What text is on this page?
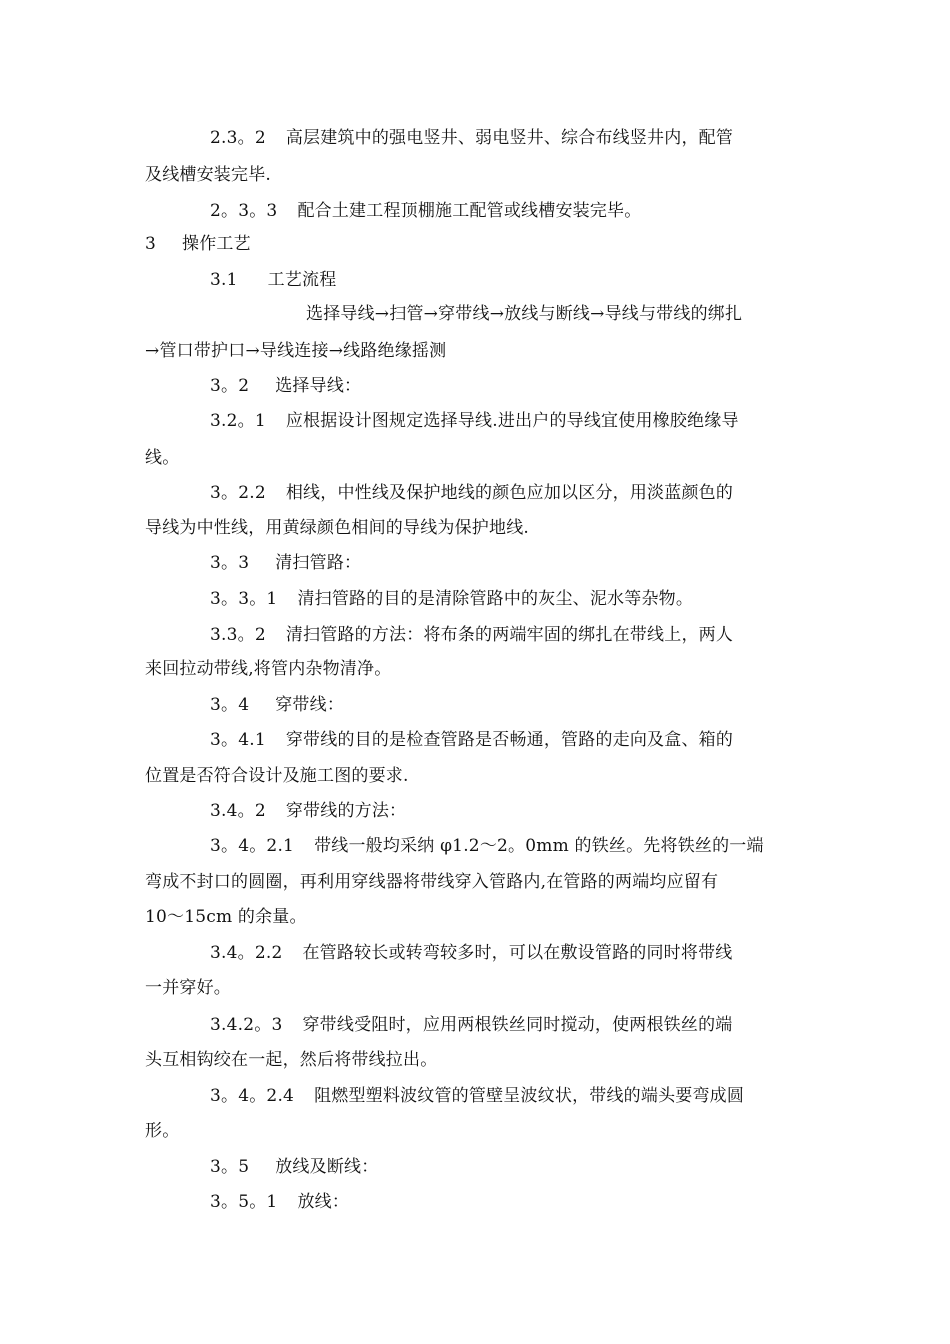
2.3。2 高层建筑中的强电竖井、弱电竖井、综合布线竖井内，配管

及线槽安装完毕.

2。3。3 配合土建工程顶棚施工配管或线槽安装完毕。

3 操作工艺

3.1 工艺流程

选择导线→扫管→穿带线→放线与断线→导线与带线的绑扎

→管口带护口→导线连接→线路绝缘摇测

3。2 选择导线：

3.2。1 应根据设计图规定选择导线.进出户的导线宜使用橡胶绝缘导

线。

3。2.2 相线，中性线及保护地线的颜色应加以区分，用淡蓝颜色的

导线为中性线，用黄绿颜色相间的导线为保护地线.

3。3 清扫管路：

3。3。1 清扫管路的目的是清除管路中的灰尘、泥水等杂物。

3.3。2 清扫管路的方法：将布条的两端牢固的绑扎在带线上，两人

来回拉动带线,将管内杂物清净。

3。4 穿带线：

3。4.1 穿带线的目的是检查管路是否畅通，管路的走向及盒、箱的

位置是否符合设计及施工图的要求.

3.4。2 穿带线的方法：

3。4。2.1 带线一般均采纳 φ1.2～2。0mm 的铁丝。先将铁丝的一端

弯成不封口的圆圈，再利用穿线器将带线穿入管路内,在管路的两端均应留有

10～15cm 的余量。

3.4。2.2 在管路较长或转弯较多时，可以在敷设管路的同时将带线

一并穿好。

3.4.2。3 穿带线受阻时，应用两根铁丝同时搅动，使两根铁丝的端

头互相钩绞在一起，然后将带线拉出。

3。4。2.4 阻燃型塑料波纹管的管壁呈波纹状，带线的端头要弯成圆

形。

3。5 放线及断线：

3。5。1 放线：
